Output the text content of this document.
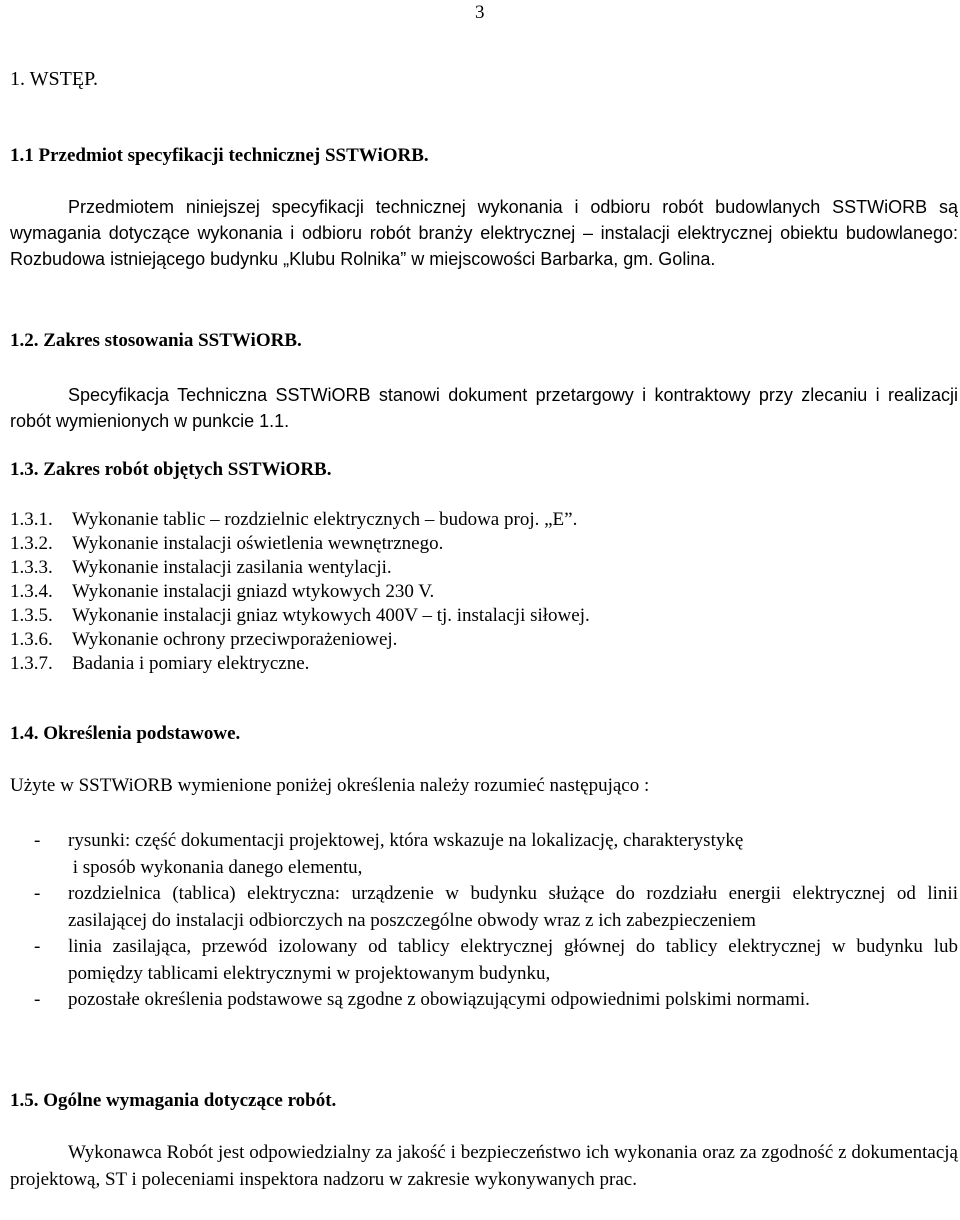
3
1. WSTĘP.
1.1 Przedmiot specyfikacji technicznej SSTWiORB.
Przedmiotem niniejszej specyfikacji technicznej wykonania i odbioru robót budowlanych SSTWiORB są wymagania dotyczące wykonania i odbioru robót branży elektrycznej – instalacji elektrycznej obiektu budowlanego: Rozbudowa istniejącego budynku „Klubu Rolnika” w miejscowości Barbarka, gm. Golina.
1.2. Zakres stosowania SSTWiORB.
Specyfikacja Techniczna SSTWiORB stanowi dokument przetargowy i kontraktowy przy zlecaniu i realizacji robót wymienionych w punkcie 1.1.
1.3. Zakres robót objętych SSTWiORB.
1.3.1.	Wykonanie tablic – rozdzielnic elektrycznych – budowa proj. „E”.
1.3.2.	Wykonanie instalacji oświetlenia wewnętrznego.
1.3.3.	Wykonanie instalacji zasilania wentylacji.
1.3.4.	Wykonanie instalacji gniazd wtykowych 230 V.
1.3.5.	Wykonanie instalacji gniaz wtykowych 400V – tj. instalacji siłowej.
1.3.6.	Wykonanie ochrony przeciwporażeniowej.
1.3.7.	Badania i pomiary elektryczne.
1.4. Określenia podstawowe.
Użyte w SSTWiORB wymienione poniżej określenia należy rozumieć następująco :
-	rysunki: część dokumentacji projektowej, która wskazuje na lokalizację, charakterystykę
i sposób wykonania danego elementu,
-	rozdzielnica (tablica) elektryczna: urządzenie w budynku służące do rozdziału energii elektrycznej od linii zasilającej do instalacji odbiorczych na poszczególne obwody wraz z ich zabezpieczeniem
-	linia zasilająca, przewód izolowany od tablicy elektrycznej głównej do tablicy elektrycznej w budynku lub pomiędzy tablicami elektrycznymi w projektowanym budynku,
-	pozostałe określenia podstawowe są zgodne z obowiązującymi odpowiednimi polskimi normami.
1.5. Ogólne wymagania dotyczące robót.
Wykonawca Robót jest odpowiedzialny za jakość i bezpieczeństwo ich wykonania oraz za zgodność z dokumentacją projektową, ST i poleceniami inspektora nadzoru w zakresie wykonywanych prac.
